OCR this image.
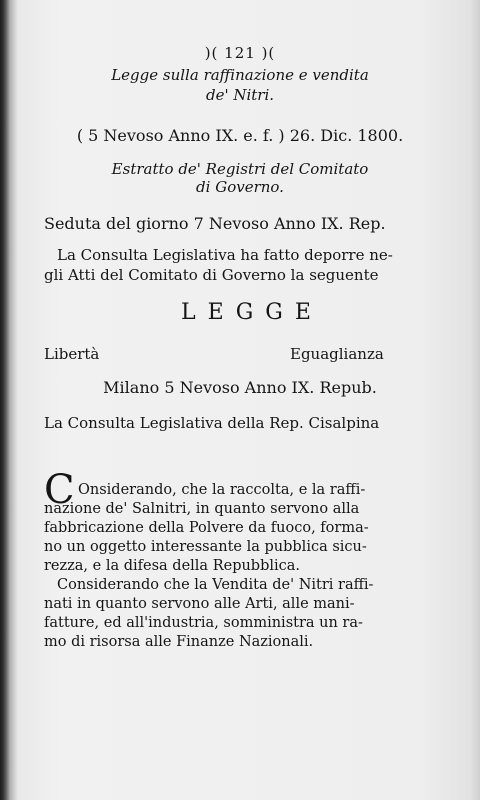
)( 121 )(
Legge sulla raffinazione e vendita
de' Nitri.
( 5 Nevoso Anno IX. e. f. ) 26. Dic. 1800.
Estratto de' Registri del Comitato
di Governo.
Seduta del giorno 7 Nevoso Anno IX. Rep.
La Consulta Legislativa ha fatto deporre ne-
gli Atti del Comitato di Governo la seguente
LEGGE
Libertà	Eguaglianza
Milano 5 Nevoso Anno IX. Repub.
La Consulta Legislativa della Rep. Cisalpina
C Onsiderando, che la raccolta, e la raffi-
nazione de' Salnitri, in quanto servono alla
fabbricazione della Polvere da fuoco, forma-
no un oggetto interessante la pubblica sicu-
rezza, e la difesa della Repubblica.
Considerando che la Vendita de' Nitri raffi-
nati in quanto servono alle Arti, alle mani-
fatture, ed all'industria, somministra un ra-
mo di risorsa alle Finanze Nazionali.
